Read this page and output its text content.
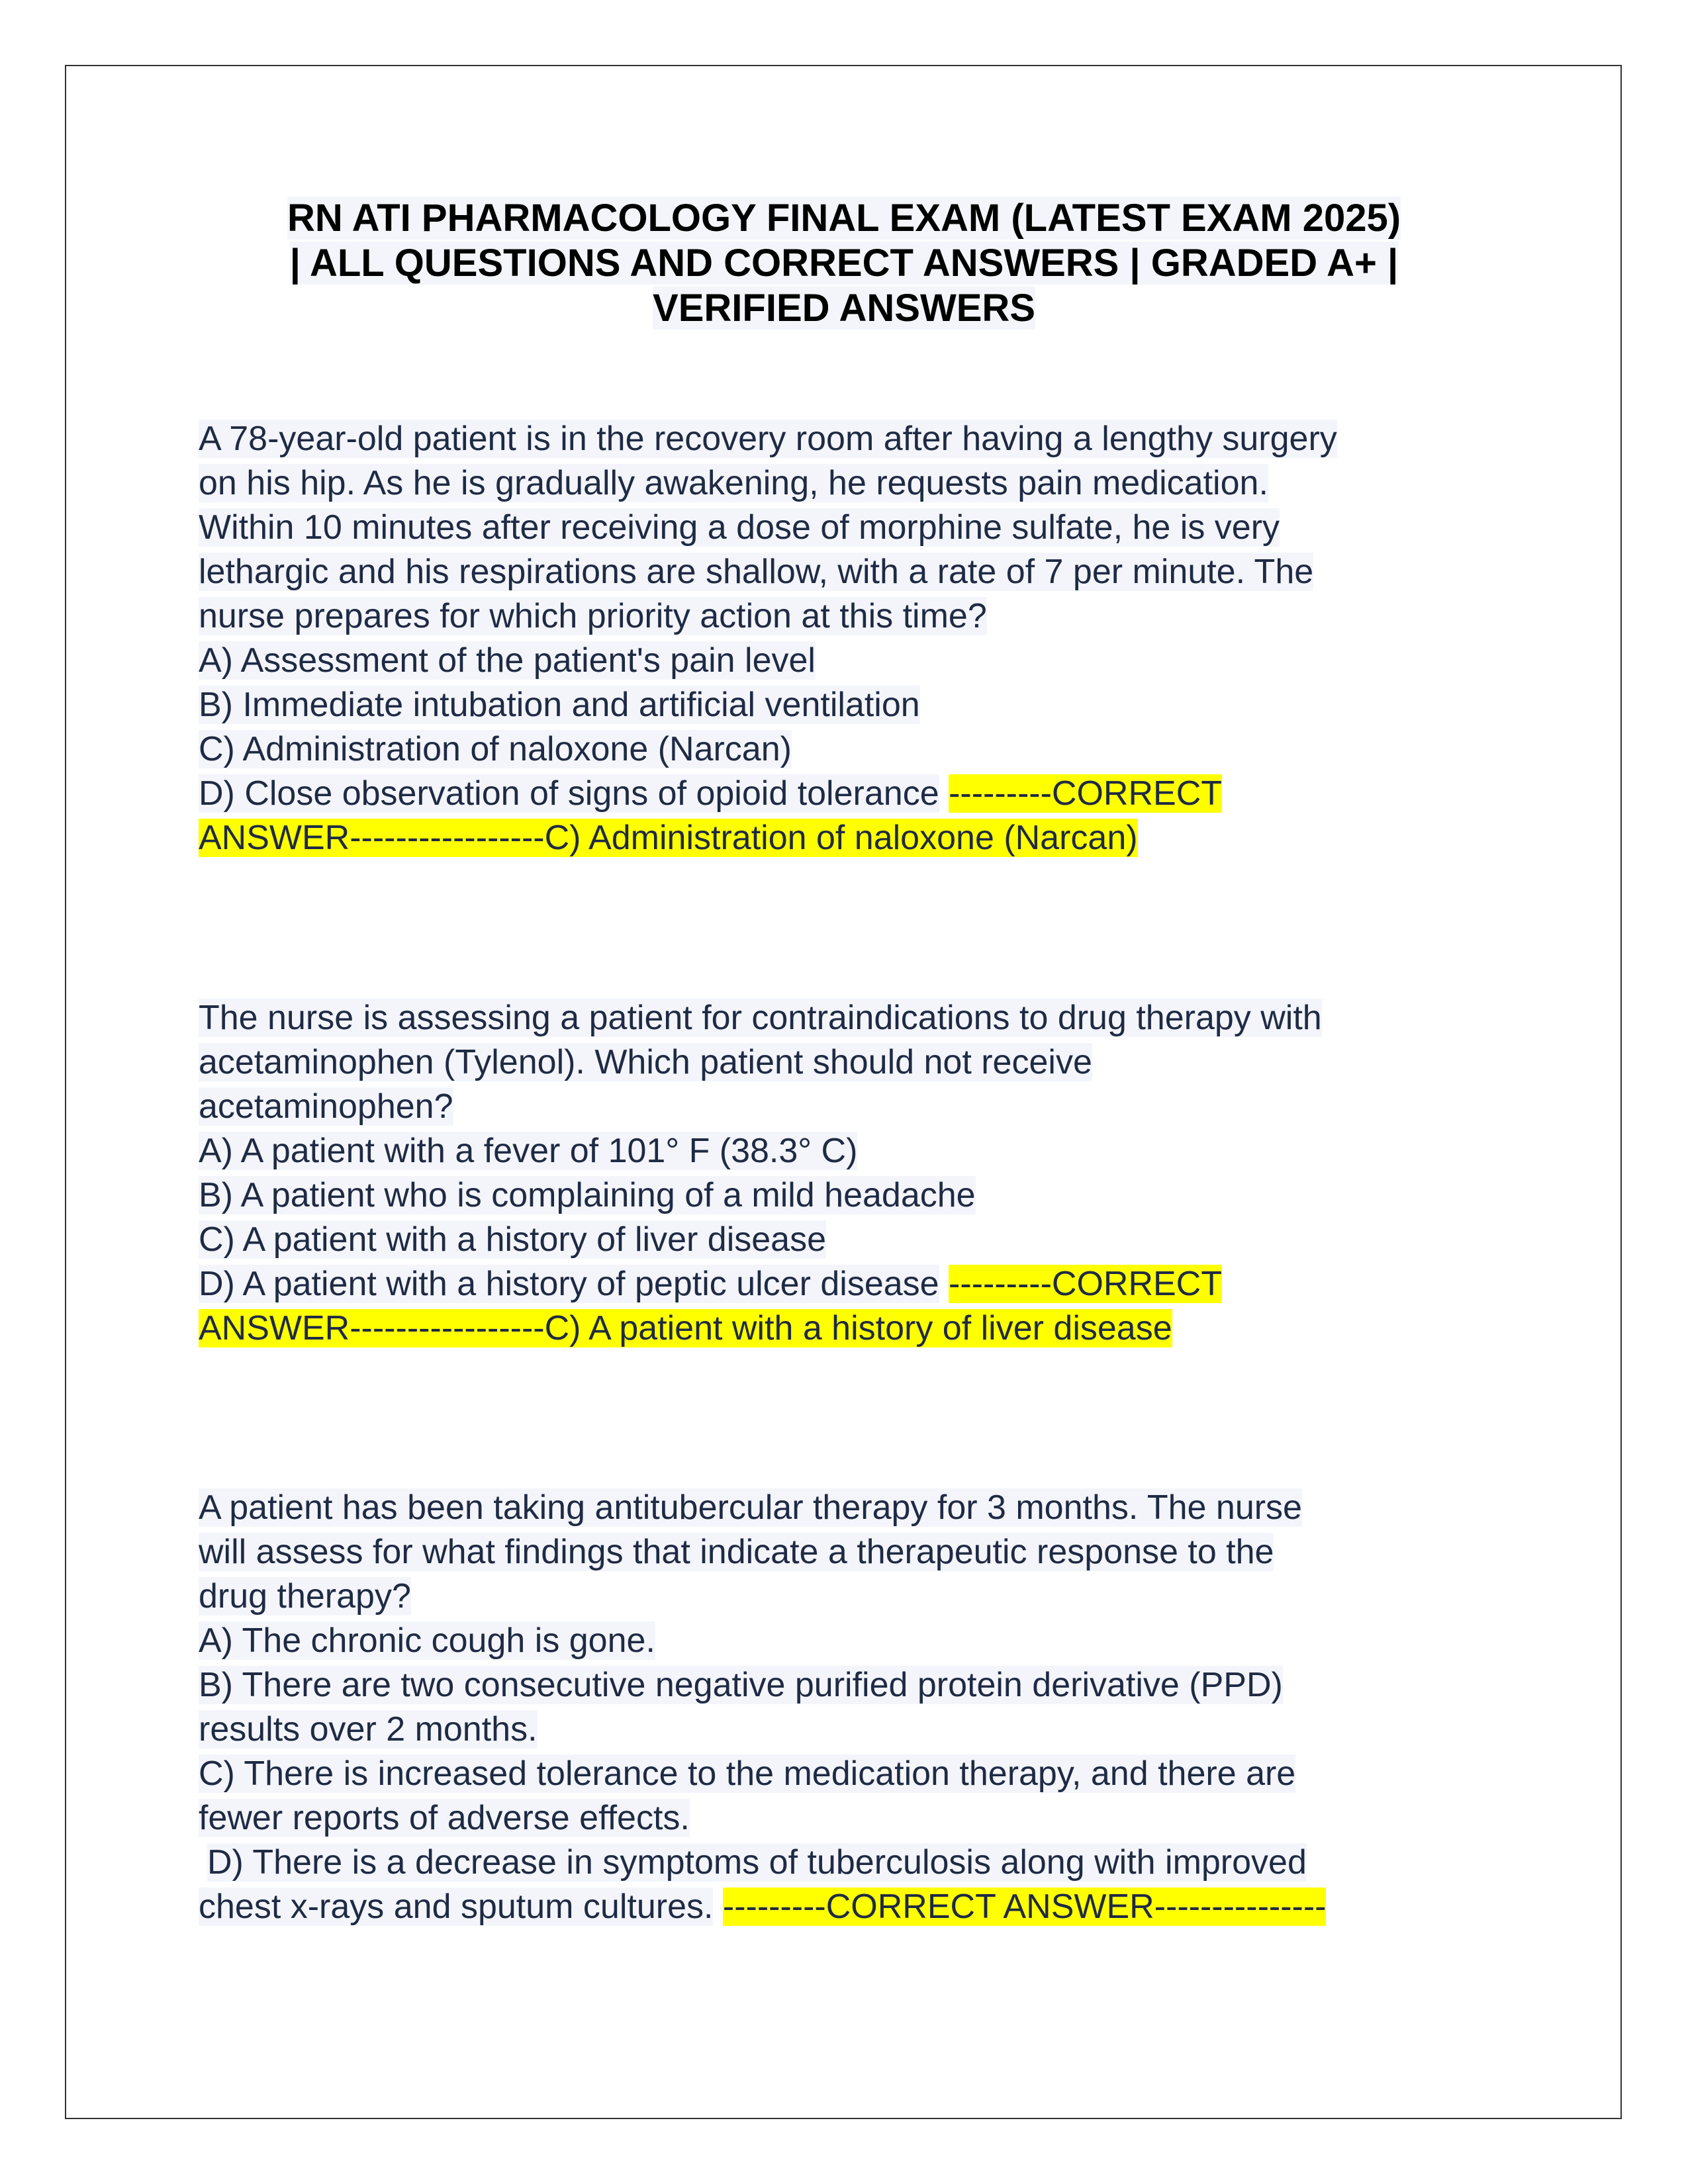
RN ATI PHARMACOLOGY FINAL EXAM (LATEST EXAM 2025)
| ALL QUESTIONS AND CORRECT ANSWERS | GRADED A+ |
VERIFIED ANSWERS
A 78-year-old patient is in the recovery room after having a lengthy surgery
on his hip. As he is gradually awakening, he requests pain medication.
Within 10 minutes after receiving a dose of morphine sulfate, he is very
lethargic and his respirations are shallow, with a rate of 7 per minute. The
nurse prepares for which priority action at this time?
A) Assessment of the patient's pain level
B) Immediate intubation and artificial ventilation
C) Administration of naloxone (Narcan)
D) Close observation of signs of opioid tolerance ---------CORRECT
ANSWER-----------------C) Administration of naloxone (Narcan)
The nurse is assessing a patient for contraindications to drug therapy with
acetaminophen (Tylenol). Which patient should not receive
acetaminophen?
A) A patient with a fever of 101° F (38.3° C)
B) A patient who is complaining of a mild headache
C) A patient with a history of liver disease
D) A patient with a history of peptic ulcer disease ---------CORRECT
ANSWER-----------------C) A patient with a history of liver disease
A patient has been taking antitubercular therapy for 3 months. The nurse
will assess for what findings that indicate a therapeutic response to the
drug therapy?
A) The chronic cough is gone.
B) There are two consecutive negative purified protein derivative (PPD)
results over 2 months.
C) There is increased tolerance to the medication therapy, and there are
fewer reports of adverse effects.
D) There is a decrease in symptoms of tuberculosis along with improved
chest x-rays and sputum cultures. ---------CORRECT ANSWER---------------
